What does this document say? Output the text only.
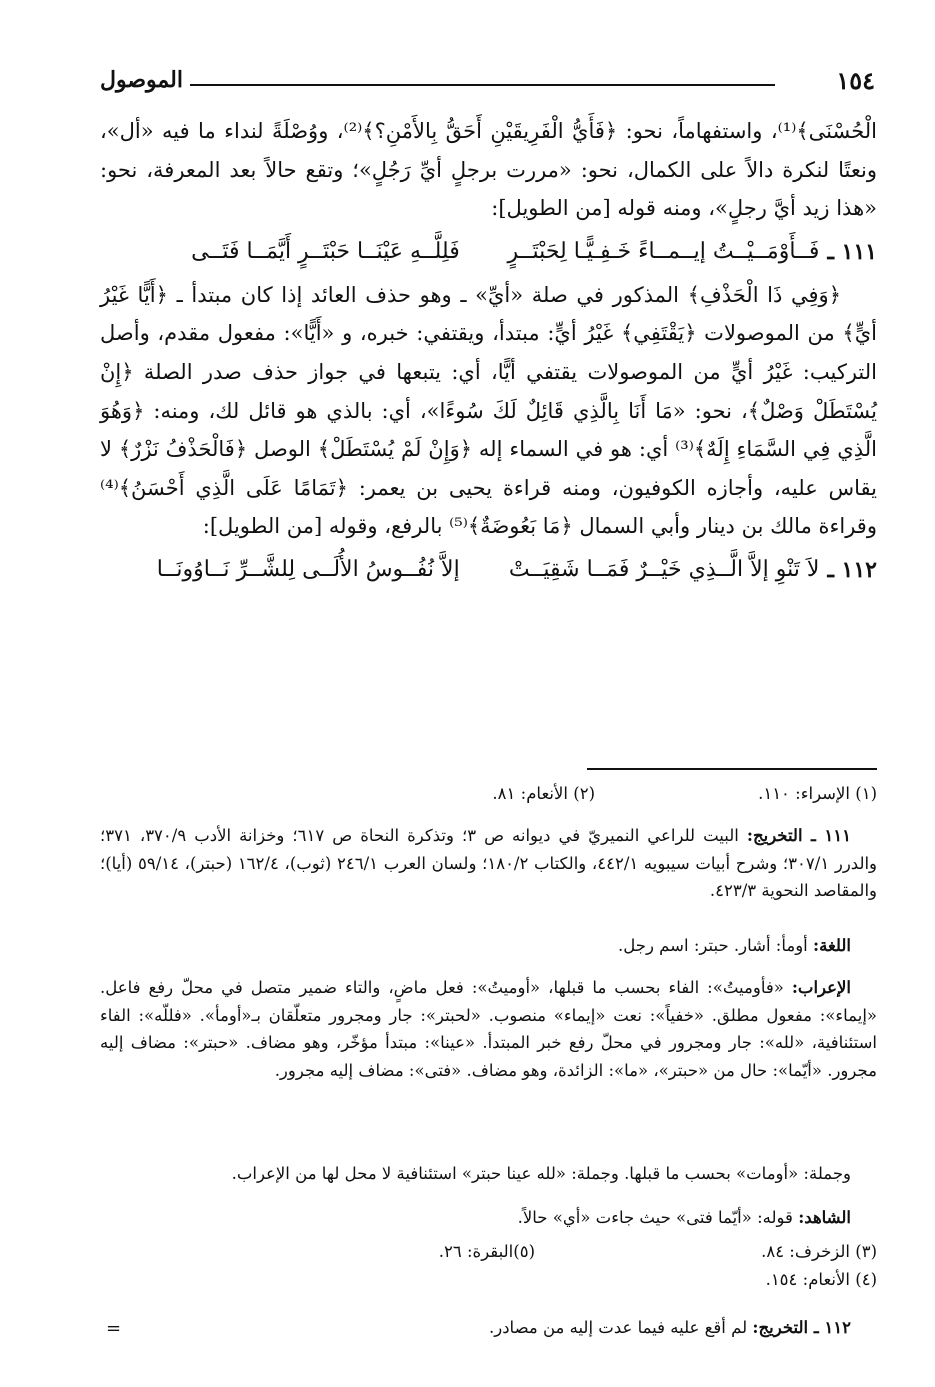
١٥٤
الموصول

الْحُسْنَى﴾⁽¹⁾، واستفهاماً، نحو: ﴿فَأَيُّ الْفَرِيقَيْنِ أَحَقُّ بِالأَمْنِ؟﴾⁽²⁾، ووُصْلَةً لنداء ما فيه «أل»، ونعتًا لنكرة دالاً على الكمال، نحو: «مررت برجلٍ أيِّ رَجُلٍ»؛ وتقع حالاً بعد المعرفة، نحو: «هذا زيد أيَّ رجلٍ»، ومنه قوله [من الطويل]:

١١١ ـ
فَــأَوْمَــيْــتُ إيــمــاءً خَـفِـيًّـا لِحَبْتَــرٍ
فَلِلَّــهِ عَيْنَــا حَبْتَــرٍ أَيَّمَــا فَتَــى

﴿وَفِي ذَا الْحَذْفِ﴾ المذكور في صلة «أيِّ» ـ وهو حذف العائد إذا كان مبتدأ ـ ﴿أَيًّا غَيْرُ أيٍّ﴾ من الموصولات ﴿يَقْتَفِي﴾ غَيْرُ أيٍّ: مبتدأ، ويقتفي: خبره، و «أَيًّا»: مفعول مقدم، وأصل التركيب: غَيْرُ أيٍّ من الموصولات يقتفي أيًّا، أي: يتبعها في جواز حذف صدر الصلة ﴿إِنْ يُسْتَطَلْ وَصْلٌ﴾، نحو: «مَا أَنَا بِالَّذِي قَائِلٌ لَكَ سُوءًا»، أي: بالذي هو قائل لك، ومنه: ﴿وَهُوَ الَّذِي فِي السَّمَاءِ إِلَهٌ﴾⁽³⁾ أي: هو في السماء إله ﴿وَإِنْ لَمْ يُسْتَطَلْ﴾ الوصل ﴿فَالْحَذْفُ نَزْرٌ﴾ لا يقاس عليه، وأجازه الكوفيون، ومنه قراءة يحيى بن يعمر: ﴿تَمَامًا عَلَى الَّذِي أَحْسَنُ﴾⁽⁴⁾ وقراءة مالك بن دينار وأبي السمال ﴿مَا بَعُوضَةٌ﴾⁽⁵⁾ بالرفع، وقوله [من الطويل]:

١١٢ ـ
لاَ تَنْوِ إلاَّ الَّــذِي خَيْــرٌ فَمَــا شَقِيَــتْ
إلاَّ نُفُــوسُ الأُلَــى لِلشَّــرِّ نَــاوُونَــا
(١) الإسراء: ١١٠.
(٢) الأنعام: ٨١.

١١١ ـ التخريج: البيت للراعي النميريّ في ديوانه ص ٣؛ وتذكرة النحاة ص ٦١٧؛ وخزانة الأدب ٣٧٠/٩، ٣٧١؛ والدرر ٣٠٧/١؛ وشرح أبيات سيبويه ٤٤٢/١، والكتاب ١٨٠/٢؛ ولسان العرب ٢٤٦/١ (ثوب)، ١٦٢/٤ (حبتر)، ٥٩/١٤ (أيا)؛ والمقاصد النحوية ٤٢٣/٣.

اللغة: أومأ: أشار. حبتر: اسم رجل.

الإعراب: «فأوميتُ»: الفاء بحسب ما قبلها، «أوميتُ»: فعل ماضٍ، والتاء ضمير متصل في محلّ رفع فاعل. «إيماء»: مفعول مطلق. «خفياً»: نعت «إيماء» منصوب. «لحبتر»: جار ومجرور متعلّقان بـ«أومأ». «فللّه»: الفاء استئنافية، «لله»: جار ومجرور في محلّ رفع خبر المبتدأ. «عينا»: مبتدأ مؤخّر، وهو مضاف. «حبتر»: مضاف إليه مجرور. «أيّما»: حال من «حبتر»، «ما»: الزائدة، وهو مضاف. «فتى»: مضاف إليه مجرور.

وجملة: «أومات» بحسب ما قبلها. وجملة: «لله عينا حبتر» استئنافية لا محل لها من الإعراب.

الشاهد: قوله: «أيّما فتى» حيث جاءت «أي» حالاً.

(٣) الزخرف: ٨٤.
(٥)البقرة: ٢٦.
(٤) الأنعام: ١٥٤.

١١٢ ـ التخريج: لم أقع عليه فيما عدت إليه من مصادر.

=
